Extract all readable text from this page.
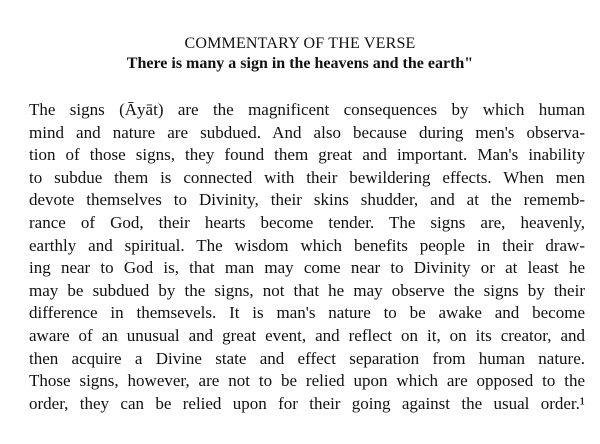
COMMENTARY OF THE VERSE
There is many a sign in the heavens and the earth"
The signs (Āyāt) are the magnificent consequences by which human
mind and nature are subdued. And also because during men's observa-
tion of those signs, they found them great and important. Man's inability
to subdue them is connected with their bewildering effects. When men
devote themselves to Divinity, their skins shudder, and at the rememb-
rance of God, their hearts become tender. The signs are, heavenly,
earthly and spiritual. The wisdom which benefits people in their draw-
ing near to God is, that man may come near to Divinity or at least he
may be subdued by the signs, not that he may observe the signs by their
difference in themsevels. It is man's nature to be awake and become
aware of an unusual and great event, and reflect on it, on its creator, and
then acquire a Divine state and effect separation from human nature.
Those signs, however, are not to be relied upon which are opposed to the
order, they can be relied upon for their going against the usual order.¹
